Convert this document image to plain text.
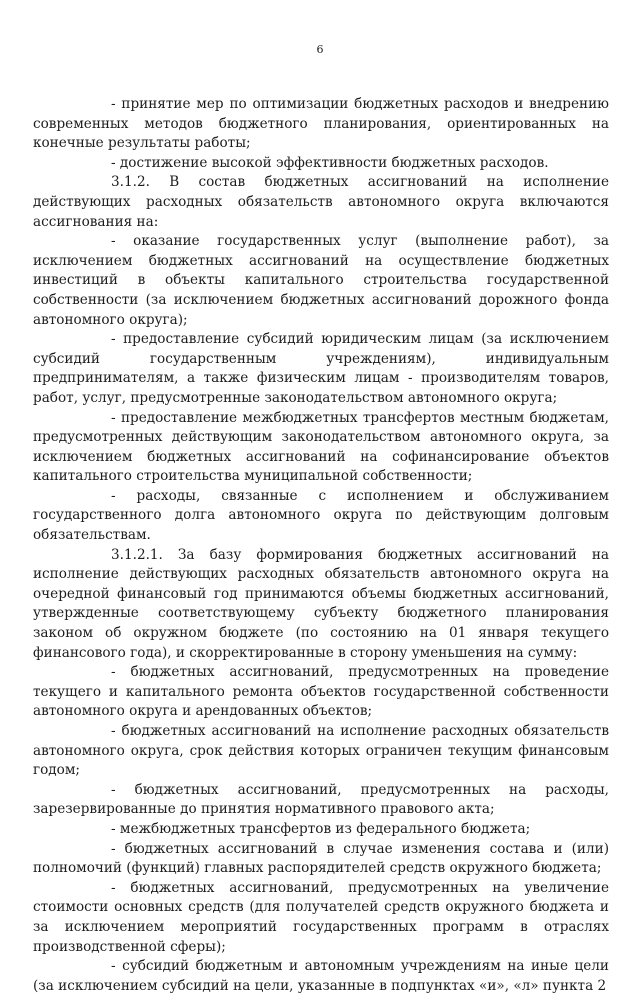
6

- принятие мер по оптимизации бюджетных расходов и внедрению современных методов бюджетного планирования, ориентированных на конечные результаты работы;

- достижение высокой эффективности бюджетных расходов.

3.1.2. В состав бюджетных ассигнований на исполнение действующих расходных обязательств автономного округа включаются ассигнования на:

- оказание государственных услуг (выполнение работ), за исключением бюджетных ассигнований на осуществление бюджетных инвестиций в объекты капитального строительства государственной собственности (за исключением бюджетных ассигнований дорожного фонда автономного округа);

- предоставление субсидий юридическим лицам (за исключением субсидий государственным учреждениям), индивидуальным предпринимателям, а также физическим лицам - производителям товаров, работ, услуг, предусмотренные законодательством автономного округа;

- предоставление межбюджетных трансфертов местным бюджетам, предусмотренных действующим законодательством автономного округа, за исключением бюджетных ассигнований на софинансирование объектов капитального строительства муниципальной собственности;

- расходы, связанные с исполнением и обслуживанием государственного долга автономного округа по действующим долговым обязательствам.

3.1.2.1. За базу формирования бюджетных ассигнований на исполнение действующих расходных обязательств автономного округа на очередной финансовый год принимаются объемы бюджетных ассигнований, утвержденные соответствующему субъекту бюджетного планирования законом об окружном бюджете (по состоянию на 01 января текущего финансового года), и скорректированные в сторону уменьшения на сумму:

- бюджетных ассигнований, предусмотренных на проведение текущего и капитального ремонта объектов государственной собственности автономного округа и арендованных объектов;

- бюджетных ассигнований на исполнение расходных обязательств автономного округа, срок действия которых ограничен текущим финансовым годом;

- бюджетных ассигнований, предусмотренных на расходы, зарезервированные до принятия нормативного правового акта;

- межбюджетных трансфертов из федерального бюджета;

- бюджетных ассигнований в случае изменения состава и (или) полномочий (функций) главных распорядителей средств окружного бюджета;

- бюджетных ассигнований, предусмотренных на увеличение стоимости основных средств (для получателей средств окружного бюджета и за исключением мероприятий государственных программ в отраслях производственной сферы);

- субсидий бюджетным и автономным учреждениям на иные цели (за исключением субсидий на цели, указанные в подпунктах «и», «л» пункта 2
